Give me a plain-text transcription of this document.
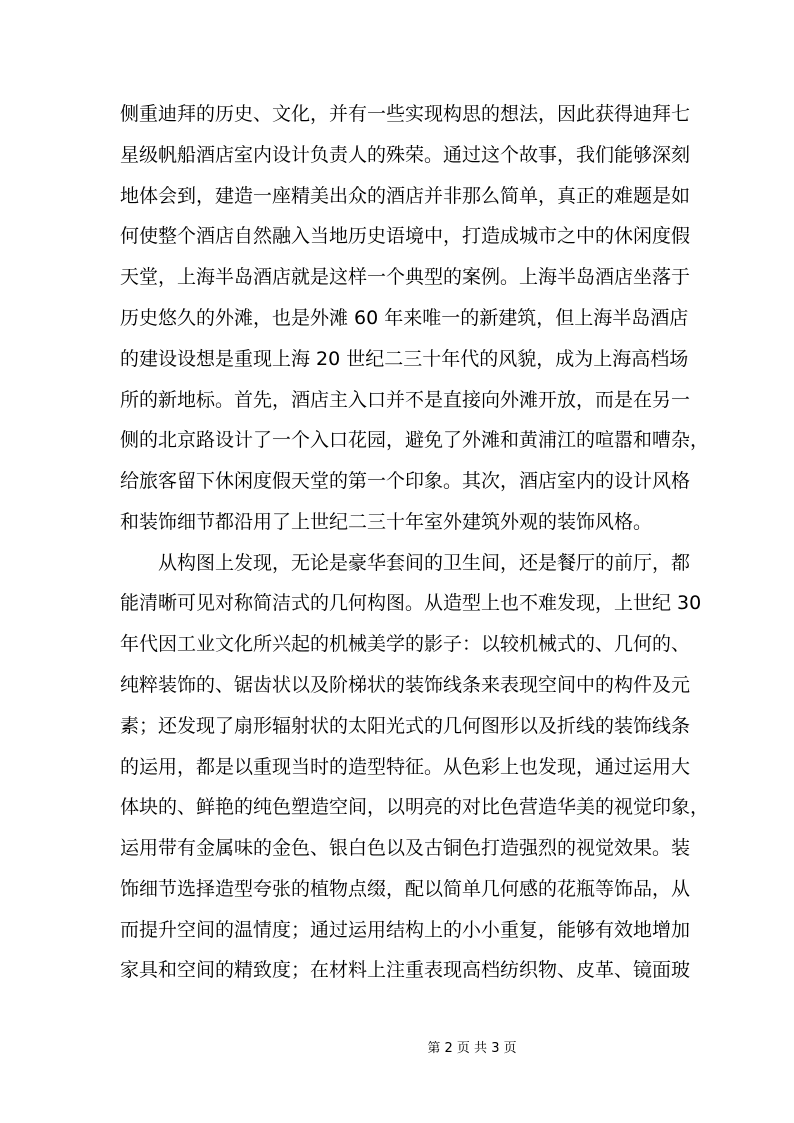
侧重迪拜的历史、文化，并有一些实现构思的想法，因此获得迪拜七
星级帆船酒店室内设计负责人的殊荣。通过这个故事，我们能够深刻
地体会到，建造一座精美出众的酒店并非那么简单，真正的难题是如
何使整个酒店自然融入当地历史语境中，打造成城市之中的休闲度假
天堂，上海半岛酒店就是这样一个典型的案例。上海半岛酒店坐落于
历史悠久的外滩，也是外滩 60 年来唯一的新建筑，但上海半岛酒店
的建设设想是重现上海 20 世纪二三十年代的风貌，成为上海高档场
所的新地标。首先，酒店主入口并不是直接向外滩开放，而是在另一
侧的北京路设计了一个入口花园，避免了外滩和黄浦江的喧嚣和嘈杂，
给旅客留下休闲度假天堂的第一个印象。其次，酒店室内的设计风格
和装饰细节都沿用了上世纪二三十年室外建筑外观的装饰风格。
从构图上发现，无论是豪华套间的卫生间，还是餐厅的前厅，都
能清晰可见对称简洁式的几何构图。从造型上也不难发现，上世纪 30
年代因工业文化所兴起的机械美学的影子：以较机械式的、几何的、
纯粹装饰的、锯齿状以及阶梯状的装饰线条来表现空间中的构件及元
素；还发现了扇形辐射状的太阳光式的几何图形以及折线的装饰线条
的运用，都是以重现当时的造型特征。从色彩上也发现，通过运用大
体块的、鲜艳的纯色塑造空间，以明亮的对比色营造华美的视觉印象，
运用带有金属味的金色、银白色以及古铜色打造强烈的视觉效果。装
饰细节选择造型夸张的植物点缀，配以简单几何感的花瓶等饰品，从
而提升空间的温情度；通过运用结构上的小小重复，能够有效地增加
家具和空间的精致度；在材料上注重表现高档纺织物、皮革、镜面玻
第 2 页 共 3 页
